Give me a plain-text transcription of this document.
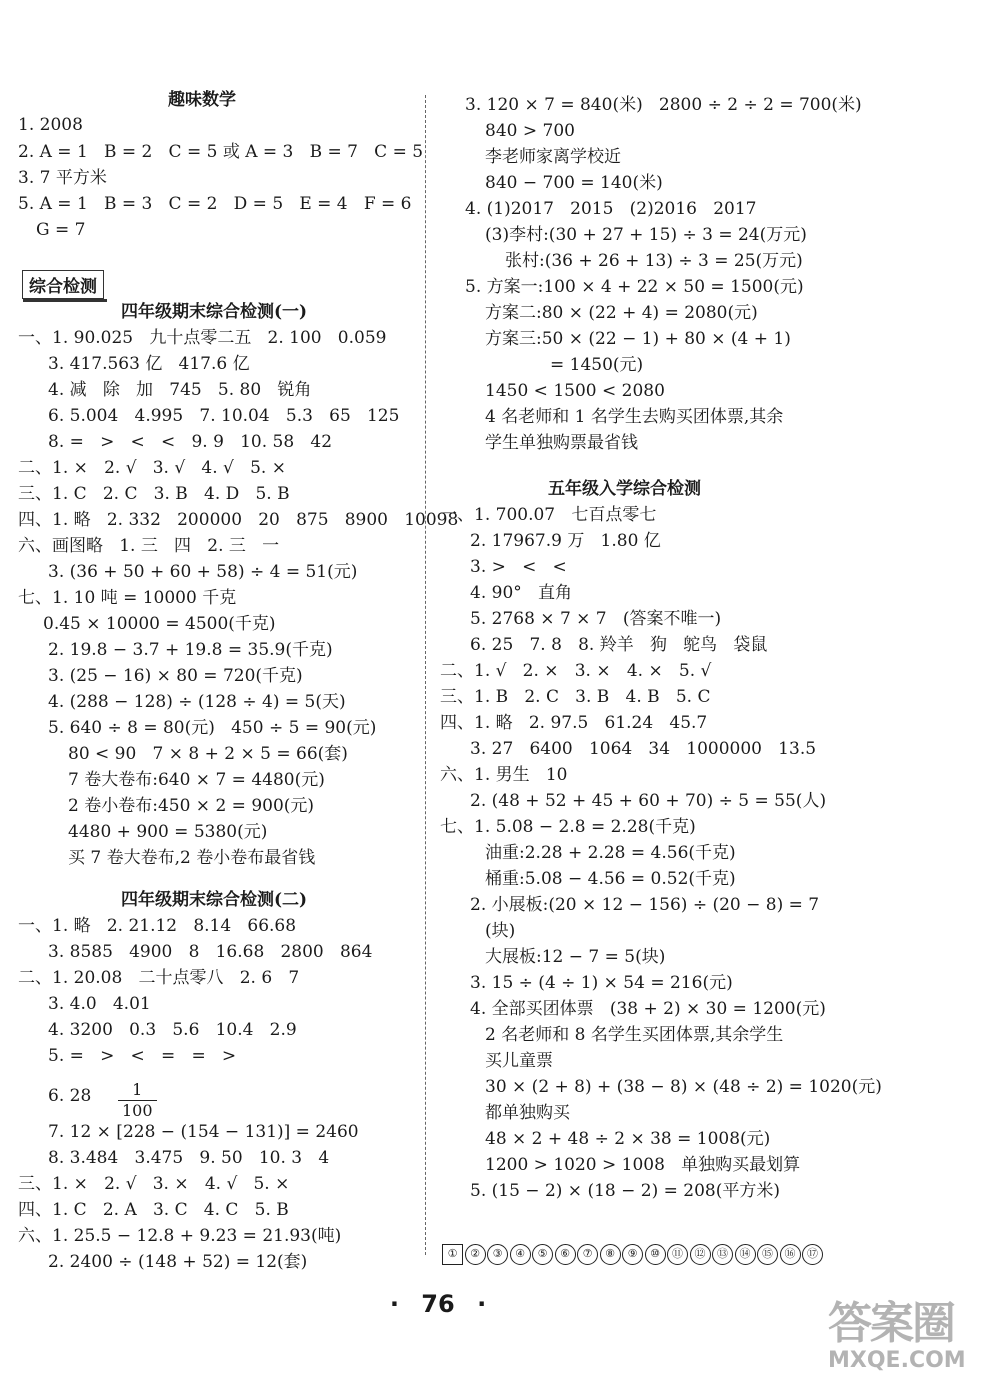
趣味数学
1. 2008
2. A = 1   B = 2   C = 5 或 A = 3   B = 7   C = 5
3. 7 平方米
5. A = 1   B = 3   C = 2   D = 5   E = 4   F = 6
G = 7
四年级期末综合检测(一)
一、1. 90.025   九十点零二五   2. 100   0.059
3. 417.563 亿   417.6 亿
4. 减   除   加   745   5. 80   锐角
6. 5.004   4.995   7. 10.04   5.3   65   125
8. =   >   <   <   9. 9   10. 58   42
二、1. ×   2. √   3. √   4. √   5. ×
三、1. C   2. C   3. B   4. D   5. B
四、1. 略   2. 332   200000   20   875   8900   10098
六、画图略   1. 三   四   2. 三   一
3. (36 + 50 + 60 + 58) ÷ 4 = 51(元)
七、1. 10 吨 = 10000 千克
0.45 × 10000 = 4500(千克)
2. 19.8 − 3.7 + 19.8 = 35.9(千克)
3. (25 − 16) × 80 = 720(千克)
4. (288 − 128) ÷ (128 ÷ 4) = 5(天)
5. 640 ÷ 8 = 80(元)   450 ÷ 5 = 90(元)
80 < 90   7 × 8 + 2 × 5 = 66(套)
7 卷大卷布:640 × 7 = 4480(元)
2 卷小卷布:450 × 2 = 900(元)
4480 + 900 = 5380(元)
买 7 卷大卷布,2 卷小卷布最省钱
四年级期末综合检测(二)
一、1. 略   2. 21.12   8.14   66.68
3. 8585   4900   8   16.68   2800   864
二、1. 20.08   二十点零八   2. 6   7
3. 4.0   4.01
4. 3200   0.3   5.6   10.4   2.9
5. =   >   <   =   =   >
6. 28
7. 12 × [228 − (154 − 131)] = 2460
8. 3.484   3.475   9. 50   10. 3   4
三、1. ×   2. √   3. ×   4. √   5. ×
四、1. C   2. A   3. C   4. C   5. B
六、1. 25.5 − 12.8 + 9.23 = 21.93(吨)
2. 2400 ÷ (148 + 52) = 12(套)
3. 120 × 7 = 840(米)   2800 ÷ 2 ÷ 2 = 700(米)
840 > 700
李老师家离学校近
840 − 700 = 140(米)
4. (1)2017   2015   (2)2016   2017
(3)李村:(30 + 27 + 15) ÷ 3 = 24(万元)
张村:(36 + 26 + 13) ÷ 3 = 25(万元)
5. 方案一:100 × 4 + 22 × 50 = 1500(元)
方案二:80 × (22 + 4) = 2080(元)
方案三:50 × (22 − 1) + 80 × (4 + 1)
= 1450(元)
1450 < 1500 < 2080
4 名老师和 1 名学生去购买团体票,其余
学生单独购票最省钱
五年级入学综合检测
一、1. 700.07   七百点零七
2. 17967.9 万   1.80 亿
3. >   <   <
4. 90°   直角
5. 2768 × 7 × 7   (答案不唯一)
6. 25   7. 8   8. 羚羊   狗   鸵鸟   袋鼠
二、1. √   2. ×   3. ×   4. ×   5. √
三、1. B   2. C   3. B   4. B   5. C
四、1. 略   2. 97.5   61.24   45.7
3. 27   6400   1064   34   1000000   13.5
六、1. 男生   10
2. (48 + 52 + 45 + 60 + 70) ÷ 5 = 55(人)
七、1. 5.08 − 2.8 = 2.28(千克)
油重:2.28 + 2.28 = 4.56(千克)
桶重:5.08 − 4.56 = 0.52(千克)
2. 小展板:(20 × 12 − 156) ÷ (20 − 8) = 7
(块)
大展板:12 − 7 = 5(块)
3. 15 ÷ (4 ÷ 1) × 54 = 216(元)
4. 全部买团体票   (38 + 2) × 30 = 1200(元)
2 名老师和 8 名学生买团体票,其余学生
买儿童票
30 × (2 + 8) + (38 − 8) × (48 ÷ 2) = 1020(元)
都单独购买
48 × 2 + 48 ÷ 2 × 38 = 1008(元)
1200 > 1020 > 1008   单独购买最划算
5. (15 − 2) × (18 − 2) = 208(平方米)
综合检测
$\frac{1}{100}$
①	②	③	④	⑤	⑥	⑦	⑧	⑨	⑩	⑪	⑫	⑬	⑭	⑮	⑯	⑰
· 76 ·	答案圈
MXQE.COM
